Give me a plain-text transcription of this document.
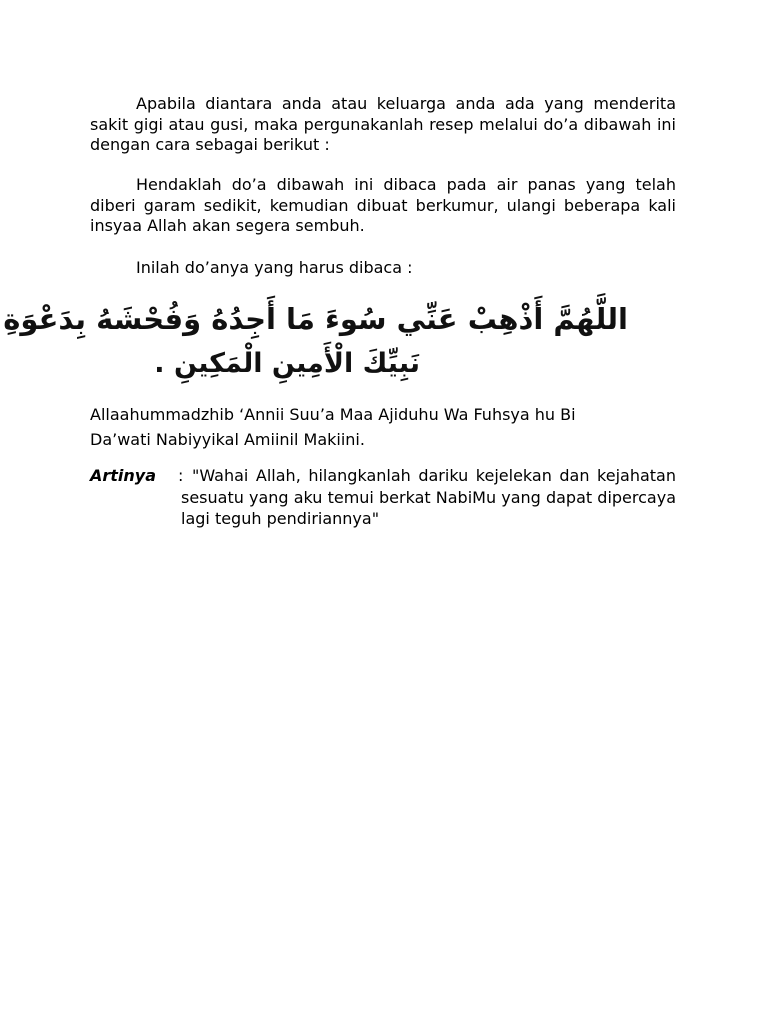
Apabila diantara anda atau keluarga anda ada yang menderita sakit gigi atau gusi, maka pergunakanlah resep melalui do’a dibawah ini dengan cara sebagai berikut :

Hendaklah do’a dibawah ini dibaca pada air panas yang telah diberi garam sedikit, kemudian dibuat berkumur, ulangi beberapa kali insyaa Allah akan segera sembuh.

Inilah do’anya yang harus dibaca :

اللَّهُمَّ أَذْهِبْ عَنِّي سُوءَ مَا أَجِدُهُ وَفُحْشَهُ بِدَعْوَةِ
نَبِيِّكَ الْأَمِينِ الْمَكِينِ .

Allaahummadzhib ‘Annii Suu’a Maa Ajiduhu Wa Fuhsya hu Bi

Da’wati Nabiyyikal Amiinil Makiini.

Artinya : "Wahai Allah, hilangkanlah dariku kejelekan dan kejahatan sesuatu yang aku temui berkat NabiMu yang dapat dipercaya lagi teguh pendiriannya"
